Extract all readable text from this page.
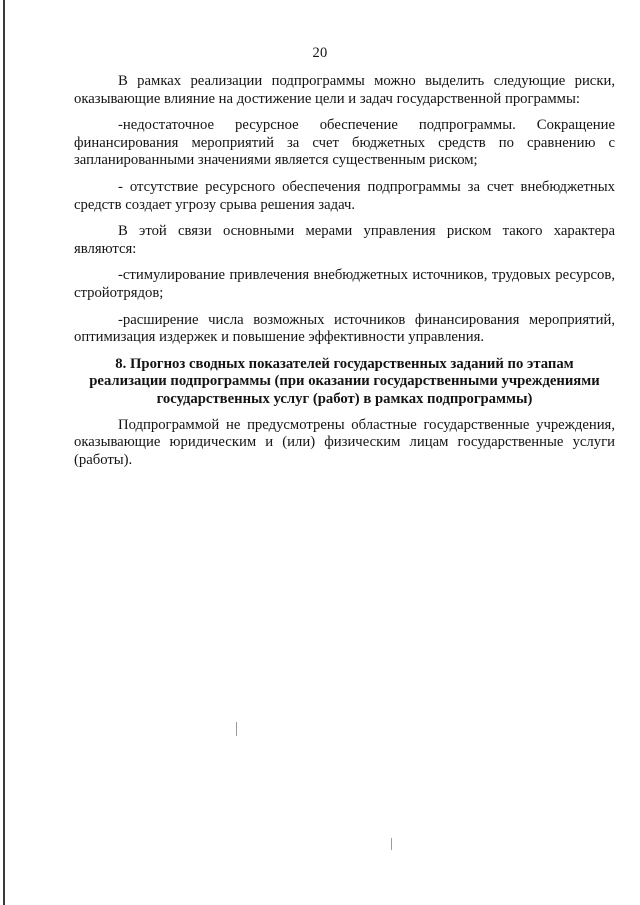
20

В рамках реализации подпрограммы можно выделить следующие риски, оказывающие влияние на достижение цели и задач государственной программы:

-недостаточное ресурсное обеспечение подпрограммы. Сокращение финансирования мероприятий за счет бюджетных средств по сравнению с запланированными значениями является существенным риском;

- отсутствие ресурсного обеспечения подпрограммы за счет внебюджетных средств создает угрозу срыва решения задач.

В этой связи основными мерами управления риском такого характера являются:

-стимулирование привлечения внебюджетных источников, трудовых ресурсов, стройотрядов;

-расширение числа возможных источников финансирования мероприятий, оптимизация издержек и повышение эффективности управления.

8. Прогноз сводных показателей государственных заданий по этапам реализации подпрограммы (при оказании государственными учреждениями государственных услуг (работ) в рамках подпрограммы)

Подпрограммой не предусмотрены областные государственные учреждения, оказывающие юридическим и (или) физическим лицам государственные услуги (работы).
